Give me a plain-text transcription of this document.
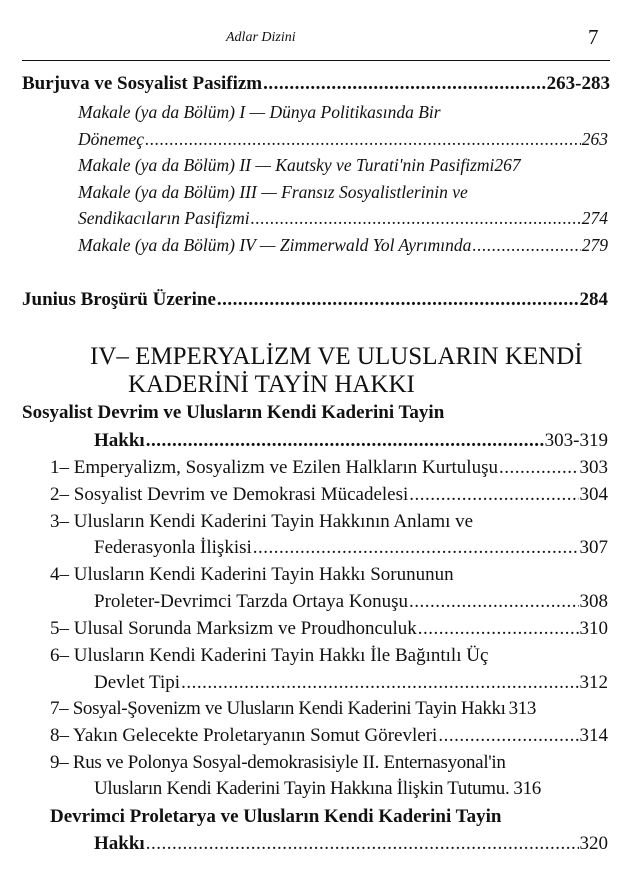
Adlar Dizini	7
Burjuva ve Sosyalist Pasifizm .....	263-283
Makale (ya da Bölüm) I — Dünya Politikasında Bir
Dönemeç .....	263
Makale (ya da Bölüm) II — Kautsky ve Turati'nin Pasifizmi 267
Makale (ya da Bölüm) III — Fransız Sosyalistlerinin ve
Sendikacıların Pasifizmi .....	274
Makale (ya da Bölüm) IV — Zimmerwald Yol Ayrımında .....	279
Junius Broşürü Üzerine .....	284
IV– EMPERYALİZM VE ULUSLARIN KENDİ
KADERİNİ TAYİN HAKKI
Sosyalist Devrim ve Ulusların Kendi Kaderini Tayin
Hakkı .....	303-319
1– Emperyalizm, Sosyalizm ve Ezilen Halkların Kurtuluşu .....	303
2– Sosyalist Devrim ve Demokrasi Mücadelesi .....	304
3– Ulusların Kendi Kaderini Tayin Hakkının Anlamı ve
Federasyonla İlişkisi .....	307
4– Ulusların Kendi Kaderini Tayin Hakkı Sorununun
Proleter-Devrimci Tarzda Ortaya Konuşu .....	308
5– Ulusal Sorunda Marksizm ve Proudhonculuk .....	310
6– Ulusların Kendi Kaderini Tayin Hakkı İle Bağıntılı Üç
Devlet Tipi .....	312
7– Sosyal-Şovenizm ve Ulusların Kendi Kaderini Tayin Hakkı 313
8– Yakın Gelecekte Proletaryanın Somut Görevleri .....	314
9– Rus ve Polonya Sosyal-demokrasisiyle II. Enternasyonal'in
Ulusların Kendi Kaderini Tayin Hakkına İlişkin Tutumu. 316
Devrimci Proletarya ve Ulusların Kendi Kaderini Tayin
Hakkı .....	320
